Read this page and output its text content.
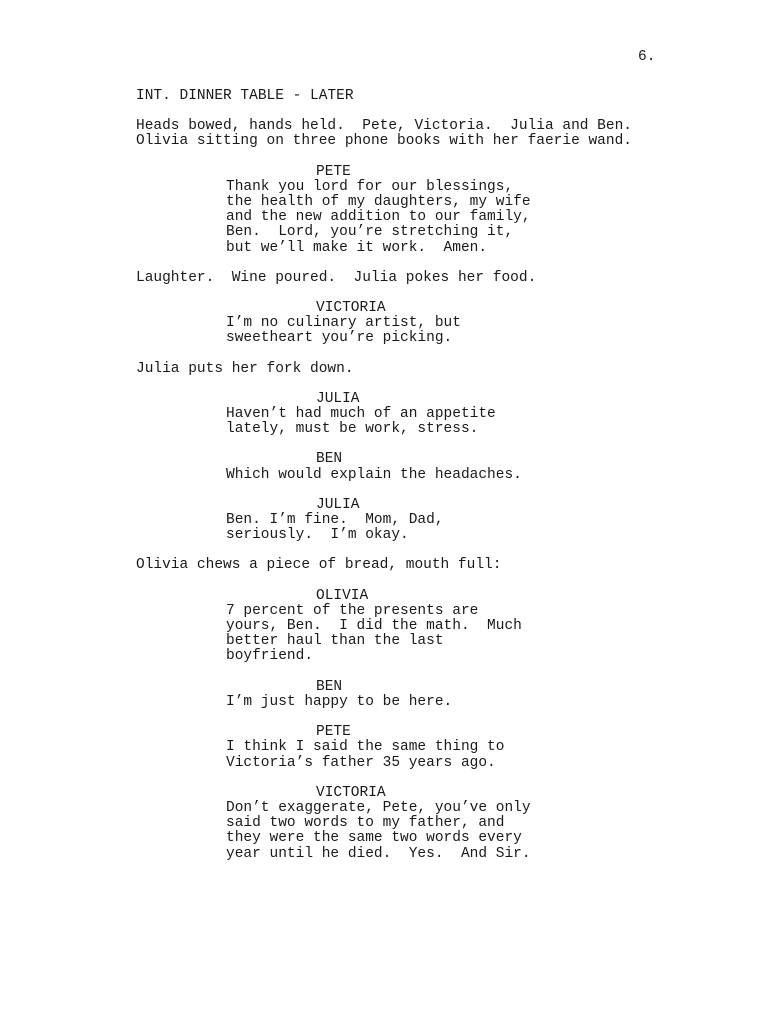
6.
INT. DINNER TABLE - LATER
Heads bowed, hands held.  Pete, Victoria.  Julia and Ben.
Olivia sitting on three phone books with her faerie wand.
PETE
Thank you lord for our blessings,
the health of my daughters, my wife
and the new addition to our family,
Ben.  Lord, you’re stretching it,
but we’ll make it work.  Amen.
Laughter.  Wine poured.  Julia pokes her food.
VICTORIA
I’m no culinary artist, but
sweetheart you’re picking.
Julia puts her fork down.
JULIA
Haven’t had much of an appetite
lately, must be work, stress.
BEN
Which would explain the headaches.
JULIA
Ben. I’m fine.  Mom, Dad,
seriously.  I’m okay.
Olivia chews a piece of bread, mouth full:
OLIVIA
7 percent of the presents are
yours, Ben.  I did the math.  Much
better haul than the last
boyfriend.
BEN
I’m just happy to be here.
PETE
I think I said the same thing to
Victoria’s father 35 years ago.
VICTORIA
Don’t exaggerate, Pete, you’ve only
said two words to my father, and
they were the same two words every
year until he died.  Yes.  And Sir.
